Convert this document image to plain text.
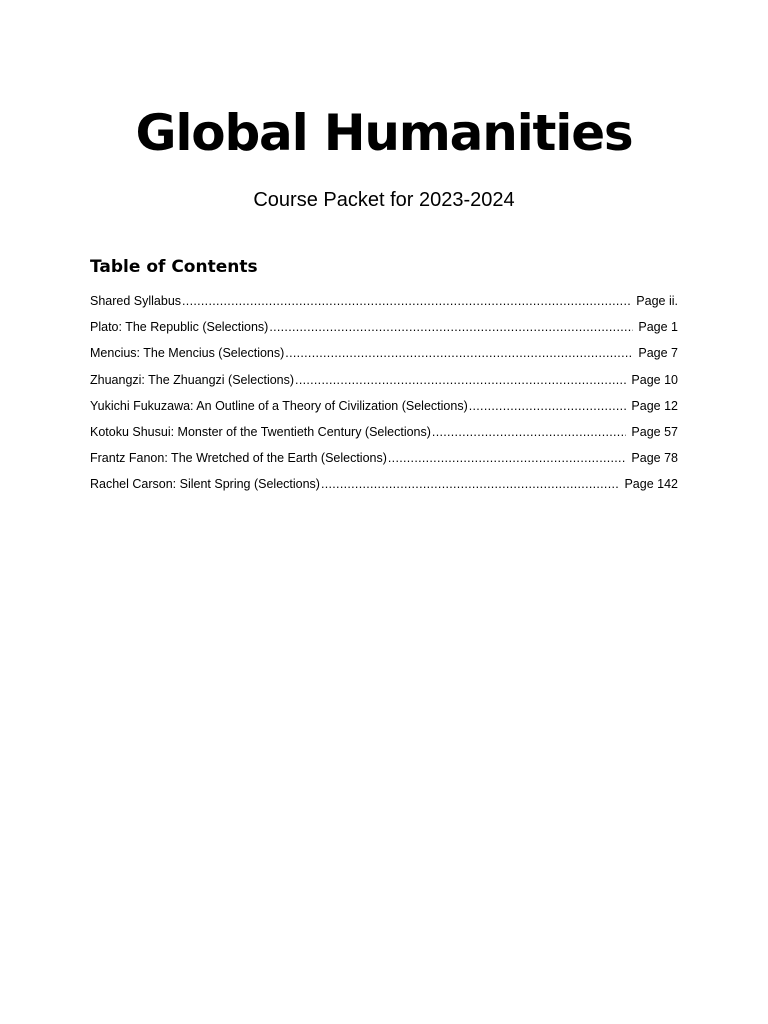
Global Humanities
Course Packet for 2023-2024
Table of Contents
Shared Syllabus .....	Page ii.
Plato: The Republic (Selections) .....	Page 1
Mencius: The Mencius (Selections) .....	Page 7
Zhuangzi: The Zhuangzi (Selections) .....	Page 10
Yukichi Fukuzawa: An Outline of a Theory of Civilization (Selections) .....	Page 12
Kotoku Shusui: Monster of the Twentieth Century (Selections) .....	Page 57
Frantz Fanon: The Wretched of the Earth (Selections) .....	Page 78
Rachel Carson: Silent Spring (Selections) .....	Page 142
